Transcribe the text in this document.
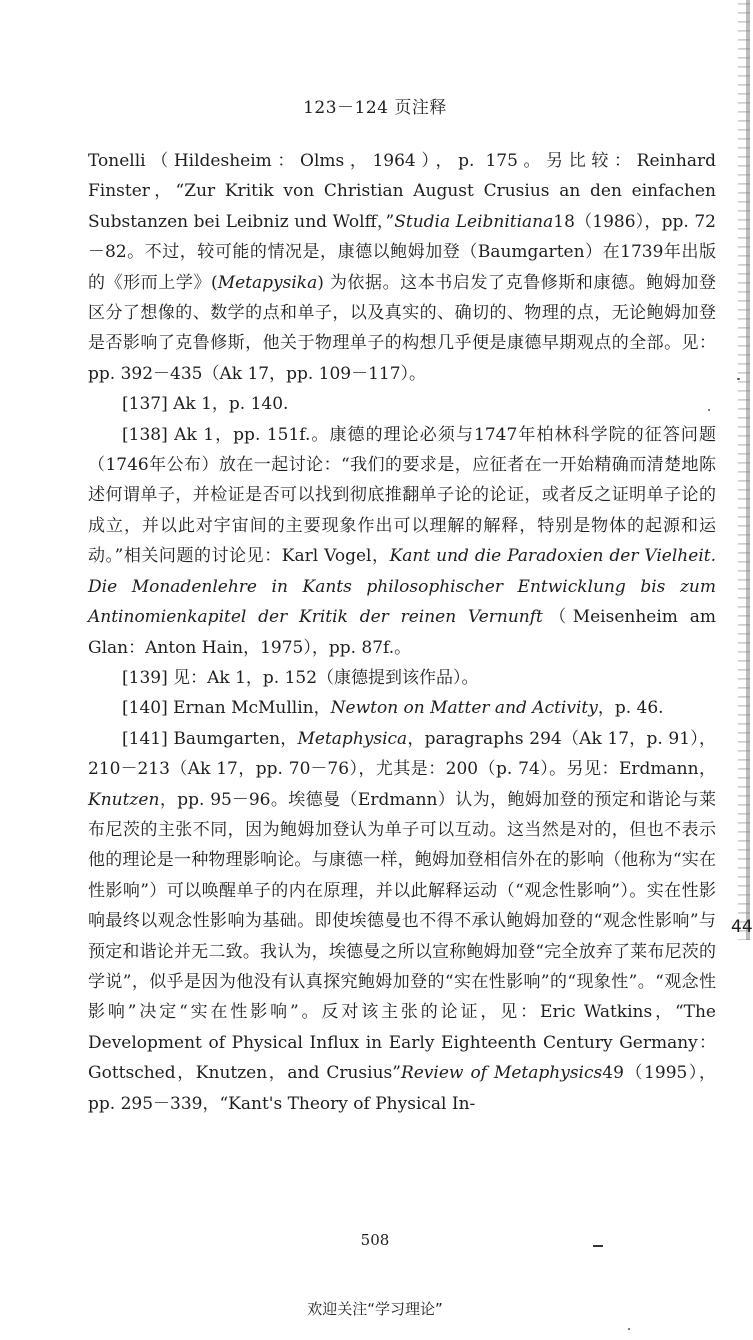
123－124 页注释

Tonelli（Hildesheim：Olms，1964），p. 175。另比较：Reinhard Finster，“Zur Kritik von Christian August Crusius an den einfachen Substanzen bei Leibniz und Wolff，”Studia Leibnitiana18（1986），pp. 72－82。不过，较可能的情况是，康德以鲍姆加登（Baumgarten）在1739年出版的《形而上学》(Metapysika) 为依据。这本书启发了克鲁修斯和康德。鲍姆加登区分了想像的、数学的点和单子，以及真实的、确切的、物理的点，无论鲍姆加登是否影响了克鲁修斯，他关于物理单子的构想几乎便是康德早期观点的全部。见：pp. 392－435（Ak 17，pp. 109－117）。

[137] Ak 1，p. 140.

[138] Ak 1，pp. 151f.。康德的理论必须与1747年柏林科学院的征答问题（1746年公布）放在一起讨论：“我们的要求是，应征者在一开始精确而清楚地陈述何谓单子，并检证是否可以找到彻底推翻单子论的论证，或者反之证明单子论的成立，并以此对宇宙间的主要现象作出可以理解的解释，特别是物体的起源和运动。”相关问题的讨论见：Karl Vogel，Kant und die Paradoxien der Vielheit. Die Monadenlehre in Kants philosophischer Entwicklung bis zum Antinomienkapitel der Kritik der reinen Vernunft（Meisenheim am Glan：Anton Hain，1975），pp. 87f.。

[139] 见：Ak 1，p. 152（康德提到该作品）。

[140] Ernan McMullin，Newton on Matter and Activity，p. 46.

[141] Baumgarten，Metaphysica，paragraphs 294（Ak 17，p. 91），210－213（Ak 17，pp. 70－76），尤其是：200（p. 74）。另见：Erdmann，Knutzen，pp. 95－96。埃德曼（Erdmann）认为，鲍姆加登的预定和谐论与莱布尼茨的主张不同，因为鲍姆加登认为单子可以互动。这当然是对的，但也不表示他的理论是一种物理影响论。与康德一样，鲍姆加登相信外在的影响（他称为“实在性影响”）可以唤醒单子的内在原理，并以此解释运动（“观念性影响”）。实在性影响最终以观念性影响为基础。即使埃德曼也不得不承认鲍姆加登的“观念性影响”与预定和谐论并无二致。我认为，埃德曼之所以宣称鲍姆加登“完全放弃了莱布尼茨的学说”，似乎是因为他没有认真探究鲍姆加登的“实在性影响”的“现象性”。“观念性影响”决定“实在性影响”。反对该主张的论证，见：Eric Watkins，“The Development of Physical Influx in Early Eighteenth Century Germany：Gottsched，Knutzen，and Crusius”Review of Metaphysics49（1995），pp. 295－339，“Kant's Theory of Physical In-

44
508
欢迎关注“学习理论”
